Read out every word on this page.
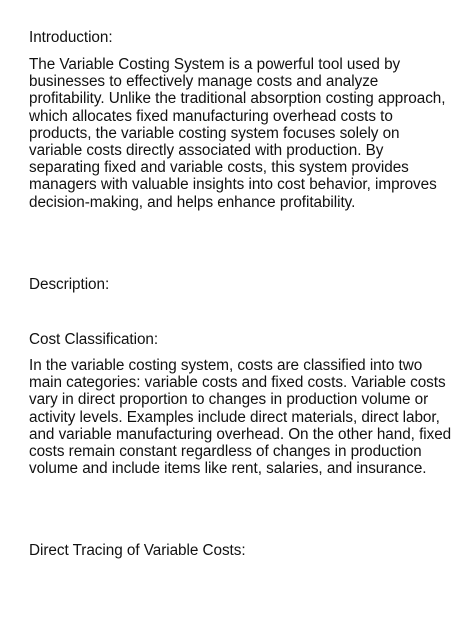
Introduction:
The Variable Costing System is a powerful tool used by
businesses to effectively manage costs and analyze
profitability. Unlike the traditional absorption costing approach,
which allocates fixed manufacturing overhead costs to
products, the variable costing system focuses solely on
variable costs directly associated with production. By
separating fixed and variable costs, this system provides
managers with valuable insights into cost behavior, improves
decision-making, and helps enhance profitability.
Description:
Cost Classification:
In the variable costing system, costs are classified into two
main categories: variable costs and fixed costs. Variable costs
vary in direct proportion to changes in production volume or
activity levels. Examples include direct materials, direct labor,
and variable manufacturing overhead. On the other hand, fixed
costs remain constant regardless of changes in production
volume and include items like rent, salaries, and insurance.
Direct Tracing of Variable Costs:
